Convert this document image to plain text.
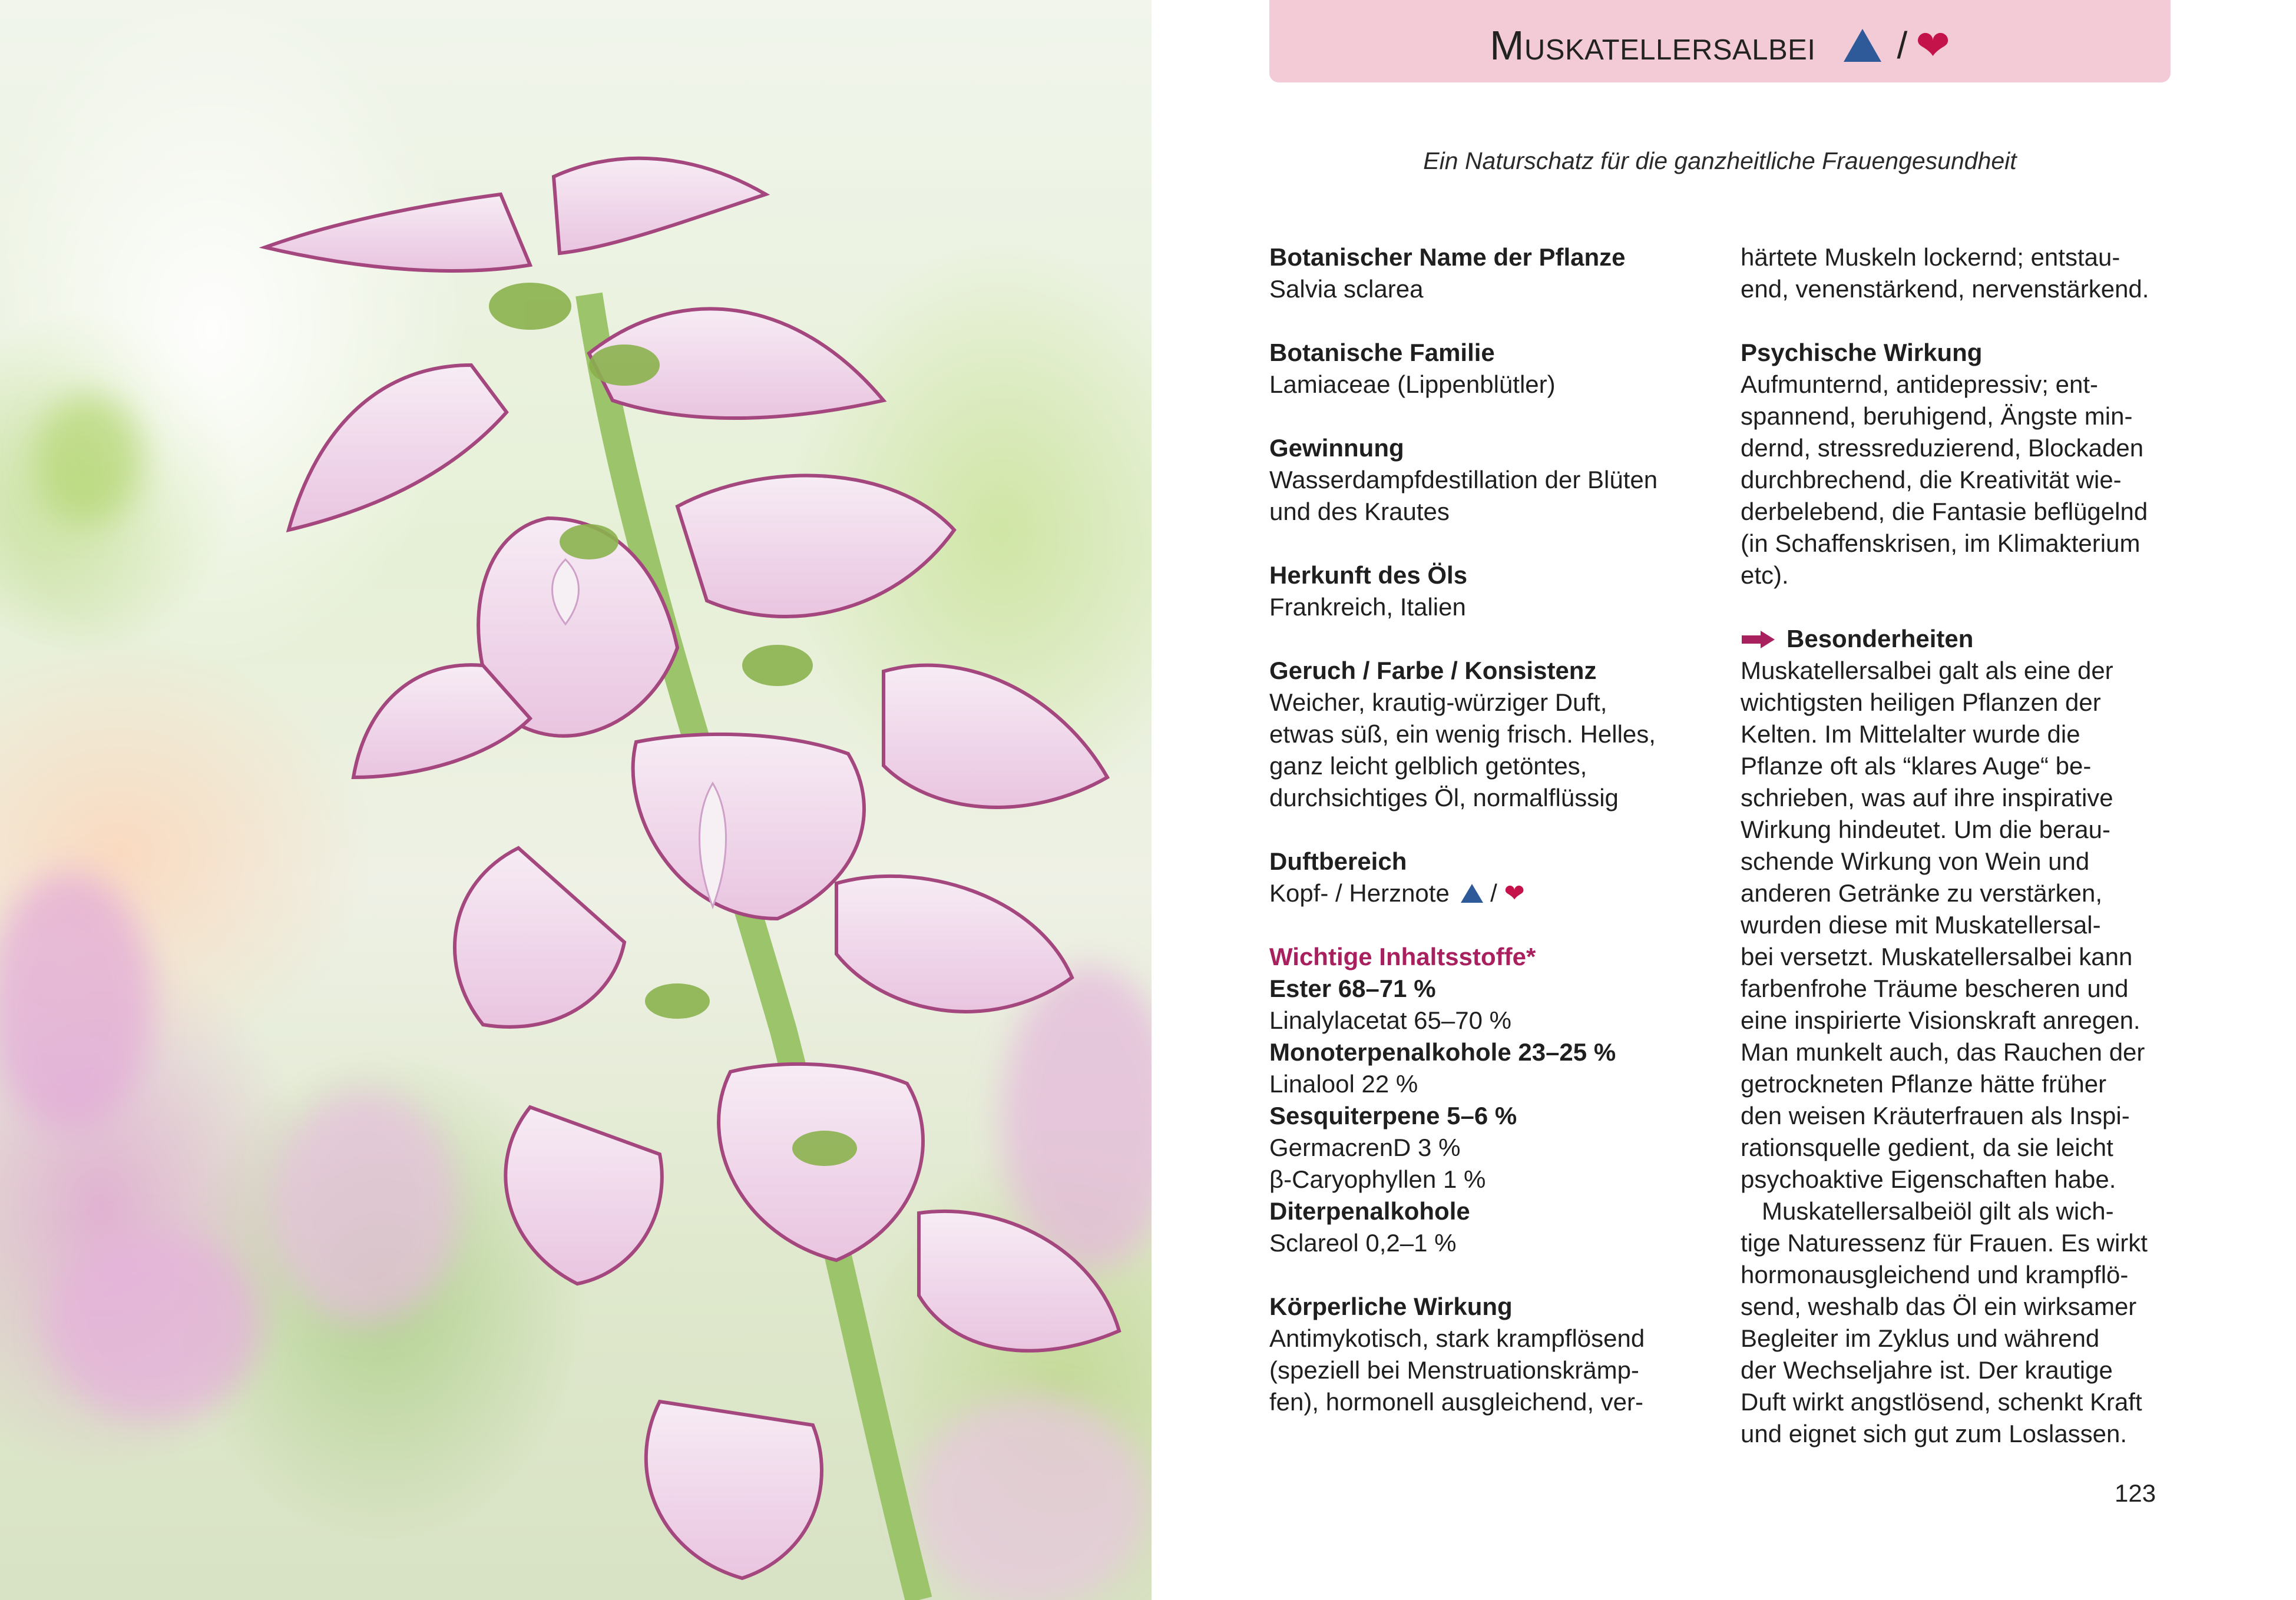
Muskatellersalbei / ❤
Ein Naturschatz für die ganzheitliche Frauengesundheit
Botanischer Name der Pflanze
Salvia sclarea
Botanische Familie
Lamiaceae (Lippenblütler)
Gewinnung
Wasserdampfdestillation der Blüten
und des Krautes
Herkunft des Öls
Frankreich, Italien
Geruch / Farbe / Konsistenz
Weicher, krautig-würziger Duft,
etwas süß, ein wenig frisch. Helles,
ganz leicht gelblich getöntes,
durchsichtiges Öl, normalflüssig
Duftbereich
Kopf- / Herznote / ❤
Wichtige Inhaltsstoffe*
Ester 68–71 %
Linalylacetat 65–70 %
Monoterpenalkohole 23–25 %
Linalool 22 %
Sesquiterpene 5–6 %
GermacrenD 3 %
β-Caryophyllen 1 %
Diterpenalkohole
Sclareol 0,2–1 %
Körperliche Wirkung
Antimykotisch, stark krampflösend
(speziell bei Menstruationskrämp-
fen), hormonell ausgleichend, ver-
härtete Muskeln lockernd; entstau-
end, venenstärkend, nervenstärkend.
Psychische Wirkung
Aufmunternd, antidepressiv; ent-
spannend, beruhigend, Ängste min-
dernd, stressreduzierend, Blockaden
durchbrechend, die Kreativität wie-
derbelebend, die Fantasie beflügelnd
(in Schaffenskrisen, im Klimakterium
etc).
Besonderheiten
Muskatellersalbei galt als eine der
wichtigsten heiligen Pflanzen der
Kelten. Im Mittelalter wurde die
Pflanze oft als “klares Auge“ be-
schrieben, was auf ihre inspirative
Wirkung hindeutet. Um die berau-
schende Wirkung von Wein und
anderen Getränke zu verstärken,
wurden diese mit Muskatellersal-
bei versetzt. Muskatellersalbei kann
farbenfrohe Träume bescheren und
eine inspirierte Visionskraft anregen.
Man munkelt auch, das Rauchen der
getrockneten Pflanze hätte früher
den weisen Kräuterfrauen als Inspi-
rationsquelle gedient, da sie leicht
psychoaktive Eigenschaften habe.
Muskatellersalbeiöl gilt als wich-
tige Naturessenz für Frauen. Es wirkt
hormonausgleichend und krampflö-
send, weshalb das Öl ein wirksamer
Begleiter im Zyklus und während
der Wechseljahre ist. Der krautige
Duft wirkt angstlösend, schenkt Kraft
und eignet sich gut zum Loslassen.
123
